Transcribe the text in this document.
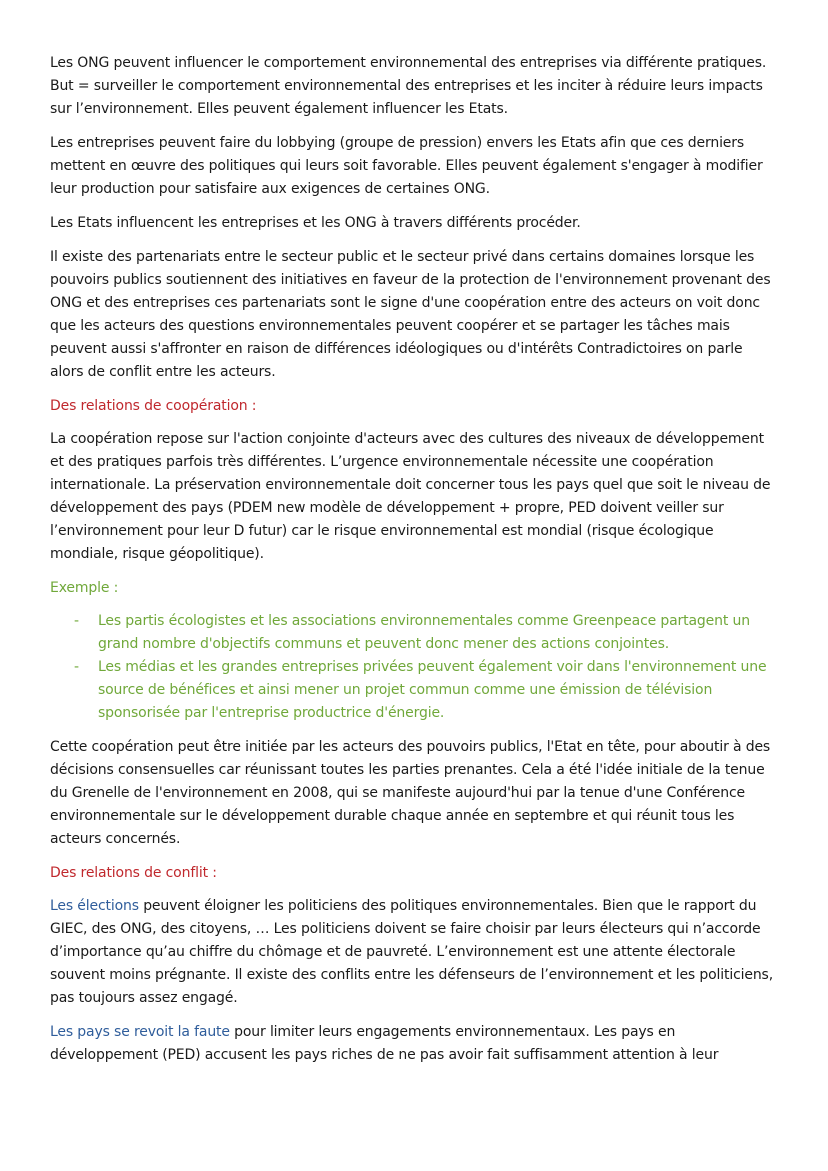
Les ONG peuvent influencer le comportement environnemental des entreprises via différente pratiques. But = surveiller le comportement environnemental des entreprises et les inciter à réduire leurs impacts sur l’environnement. Elles peuvent également influencer les Etats.

Les entreprises peuvent faire du lobbying (groupe de pression) envers les Etats afin que ces derniers mettent en œuvre des politiques qui leurs soit favorable. Elles peuvent également s'engager à modifier leur production pour satisfaire aux exigences de certaines ONG.

Les Etats influencent les entreprises et les ONG à travers différents procéder.

Il existe des partenariats entre le secteur public et le secteur privé dans certains domaines lorsque les pouvoirs publics soutiennent des initiatives en faveur de la protection de l'environnement provenant des ONG et des entreprises ces partenariats sont le signe d'une coopération entre des acteurs on voit donc que les acteurs des questions environnementales peuvent coopérer et se partager les tâches mais peuvent aussi s'affronter en raison de différences idéologiques ou d'intérêts Contradictoires on parle alors de conflit entre les acteurs.

Des relations de coopération :

La coopération repose sur l'action conjointe d'acteurs avec des cultures des niveaux de développement et des pratiques parfois très différentes. L’urgence environnementale nécessite une coopération internationale. La préservation environnementale doit concerner tous les pays quel que soit le niveau de développement des pays (PDEM new modèle de développement + propre, PED doivent veiller sur l’environnement pour leur D futur) car le risque environnemental est mondial (risque écologique mondiale, risque géopolitique).

Exemple :

- Les partis écologistes et les associations environnementales comme Greenpeace partagent un grand nombre d'objectifs communs et peuvent donc mener des actions conjointes.
- Les médias et les grandes entreprises privées peuvent également voir dans l'environnement une source de bénéfices et ainsi mener un projet commun comme une émission de télévision sponsorisée par l'entreprise productrice d'énergie.

Cette coopération peut être initiée par les acteurs des pouvoirs publics, l'Etat en tête, pour aboutir à des décisions consensuelles car réunissant toutes les parties prenantes. Cela a été l'idée initiale de la tenue du Grenelle de l'environnement en 2008, qui se manifeste aujourd'hui par la tenue d'une Conférence environnementale sur le développement durable chaque année en septembre et qui réunit tous les acteurs concernés.

Des relations de conflit :

Les élections peuvent éloigner les politiciens des politiques environnementales. Bien que le rapport du GIEC, des ONG, des citoyens, … Les politiciens doivent se faire choisir par leurs électeurs qui n’accorde d’importance qu’au chiffre du chômage et de pauvreté. L’environnement est une attente électorale souvent moins prégnante. Il existe des conflits entre les défenseurs de l’environnement et les politiciens, pas toujours assez engagé.

Les pays se revoit la faute pour limiter leurs engagements environnementaux. Les pays en développement (PED) accusent les pays riches de ne pas avoir fait suffisamment attention à leur
